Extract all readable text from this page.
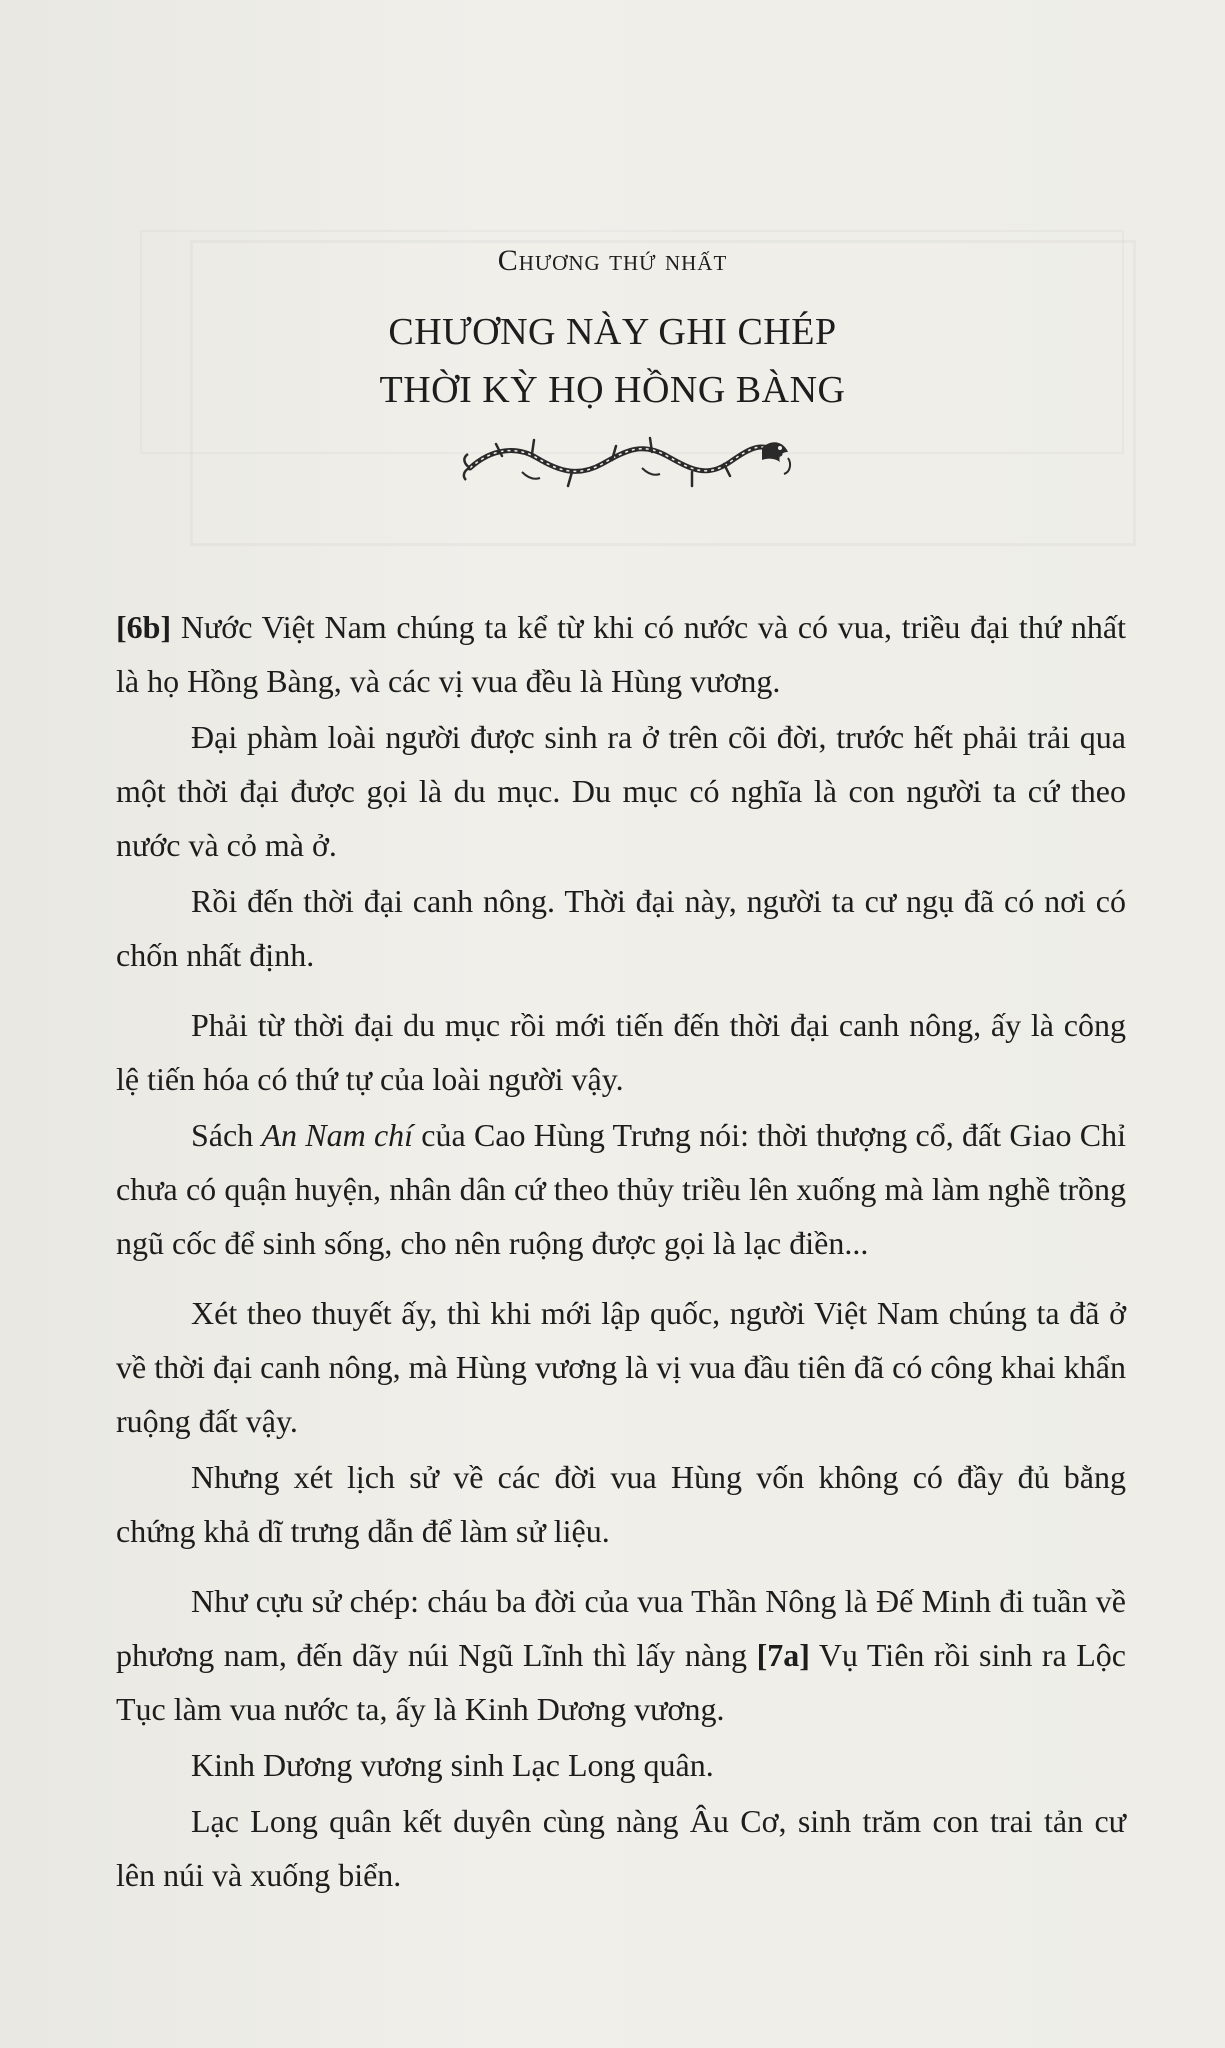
Chương thứ nhất
CHƯƠNG NÀY GHI CHÉP
THỜI KỲ HỌ HỒNG BÀNG

[6b] Nước Việt Nam chúng ta kể từ khi có nước và có vua, triều đại thứ nhất là họ Hồng Bàng, và các vị vua đều là Hùng vương.

Đại phàm loài người được sinh ra ở trên cõi đời, trước hết phải trải qua một thời đại được gọi là du mục. Du mục có nghĩa là con người ta cứ theo nước và cỏ mà ở.

Rồi đến thời đại canh nông. Thời đại này, người ta cư ngụ đã có nơi có chốn nhất định.

Phải từ thời đại du mục rồi mới tiến đến thời đại canh nông, ấy là công lệ tiến hóa có thứ tự của loài người vậy.

Sách An Nam chí của Cao Hùng Trưng nói: thời thượng cổ, đất Giao Chỉ chưa có quận huyện, nhân dân cứ theo thủy triều lên xuống mà làm nghề trồng ngũ cốc để sinh sống, cho nên ruộng được gọi là lạc điền...

Xét theo thuyết ấy, thì khi mới lập quốc, người Việt Nam chúng ta đã ở về thời đại canh nông, mà Hùng vương là vị vua đầu tiên đã có công khai khẩn ruộng đất vậy.

Nhưng xét lịch sử về các đời vua Hùng vốn không có đầy đủ bằng chứng khả dĩ trưng dẫn để làm sử liệu.

Như cựu sử chép: cháu ba đời của vua Thần Nông là Đế Minh đi tuần về phương nam, đến dãy núi Ngũ Lĩnh thì lấy nàng [7a] Vụ Tiên rồi sinh ra Lộc Tục làm vua nước ta, ấy là Kinh Dương vương.

Kinh Dương vương sinh Lạc Long quân.

Lạc Long quân kết duyên cùng nàng Âu Cơ, sinh trăm con trai tản cư lên núi và xuống biển.
